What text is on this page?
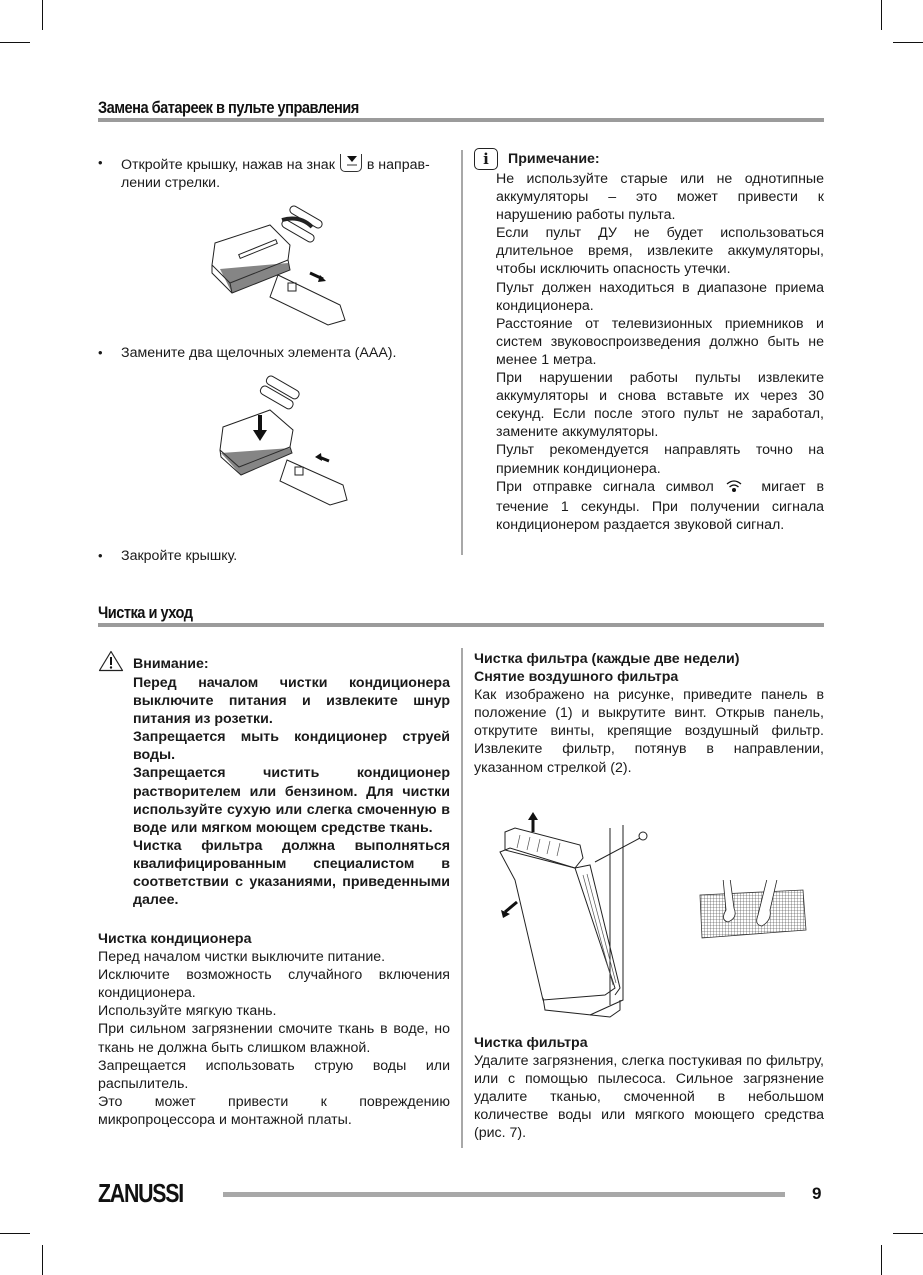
Замена батареек в пульте управления
•	Откройте крышку, нажав на знак в направ-
лении стрелки.
•	Замените два щелочных элемента (AAA).
•	Закройте крышку.
i	Примечание:

Не используйте старые или не однотипные аккумуляторы – это может привести к нарушению работы пульта.

Если пульт ДУ не будет использоваться длительное время, извлеките аккумуляторы, чтобы исключить опасность утечки.

Пульт должен находиться в диапазоне приема кондиционера.

Расстояние от телевизионных приемников и систем звуковоспроизведения должно быть не менее 1 метра.

При нарушении работы пульты извлеките аккумуляторы и снова вставьте их через 30 секунд. Если после этого пульт не заработал, замените аккумуляторы.

Пульт рекомендуется направлять точно на приемник кондиционера.

При отправке сигнала символ	мигает в течение 1 секунды. При получении сигнала кондиционером раздается звуковой сигнал.

Чистка и уход
Внимание:

Перед началом чистки кондиционера выключите питания и извлеките шнур питания из розетки.

Запрещается мыть кондиционер струей воды.

Запрещается чистить кондиционер растворителем или бензином. Для чистки используйте сухую или слегка смоченную в воде или мягком моющем средстве ткань.

Чистка фильтра должна выполняться квалифицированным специалистом в соответствии с указаниями, приведенными далее.

Чистка кондиционера

Перед началом чистки выключите питание.

Исключите возможность случайного включения кондиционера.

Используйте мягкую ткань.

При сильном загрязнении смочите ткань в воде, но ткань не должна быть слишком влажной.

Запрещается использовать струю воды или распылитель.

Это может привести к повреждению микропроцессора и монтажной платы.

Чистка фильтра (каждые две недели)

Снятие воздушного фильтра

Как изображено на рисунке, приведите панель в положение (1) и выкрутите винт. Открыв панель, открутите винты, крепящие воздушный фильтр. Извлеките фильтр, потянув в направлении, указанном стрелкой (2).

Чистка фильтра

Удалите загрязнения, слегка постукивая по фильтру, или с помощью пылесоса. Сильное загрязнение удалите тканью, смоченной в небольшом количестве воды или мягкого моющего средства (рис. 7).

ZANUSSI	9
